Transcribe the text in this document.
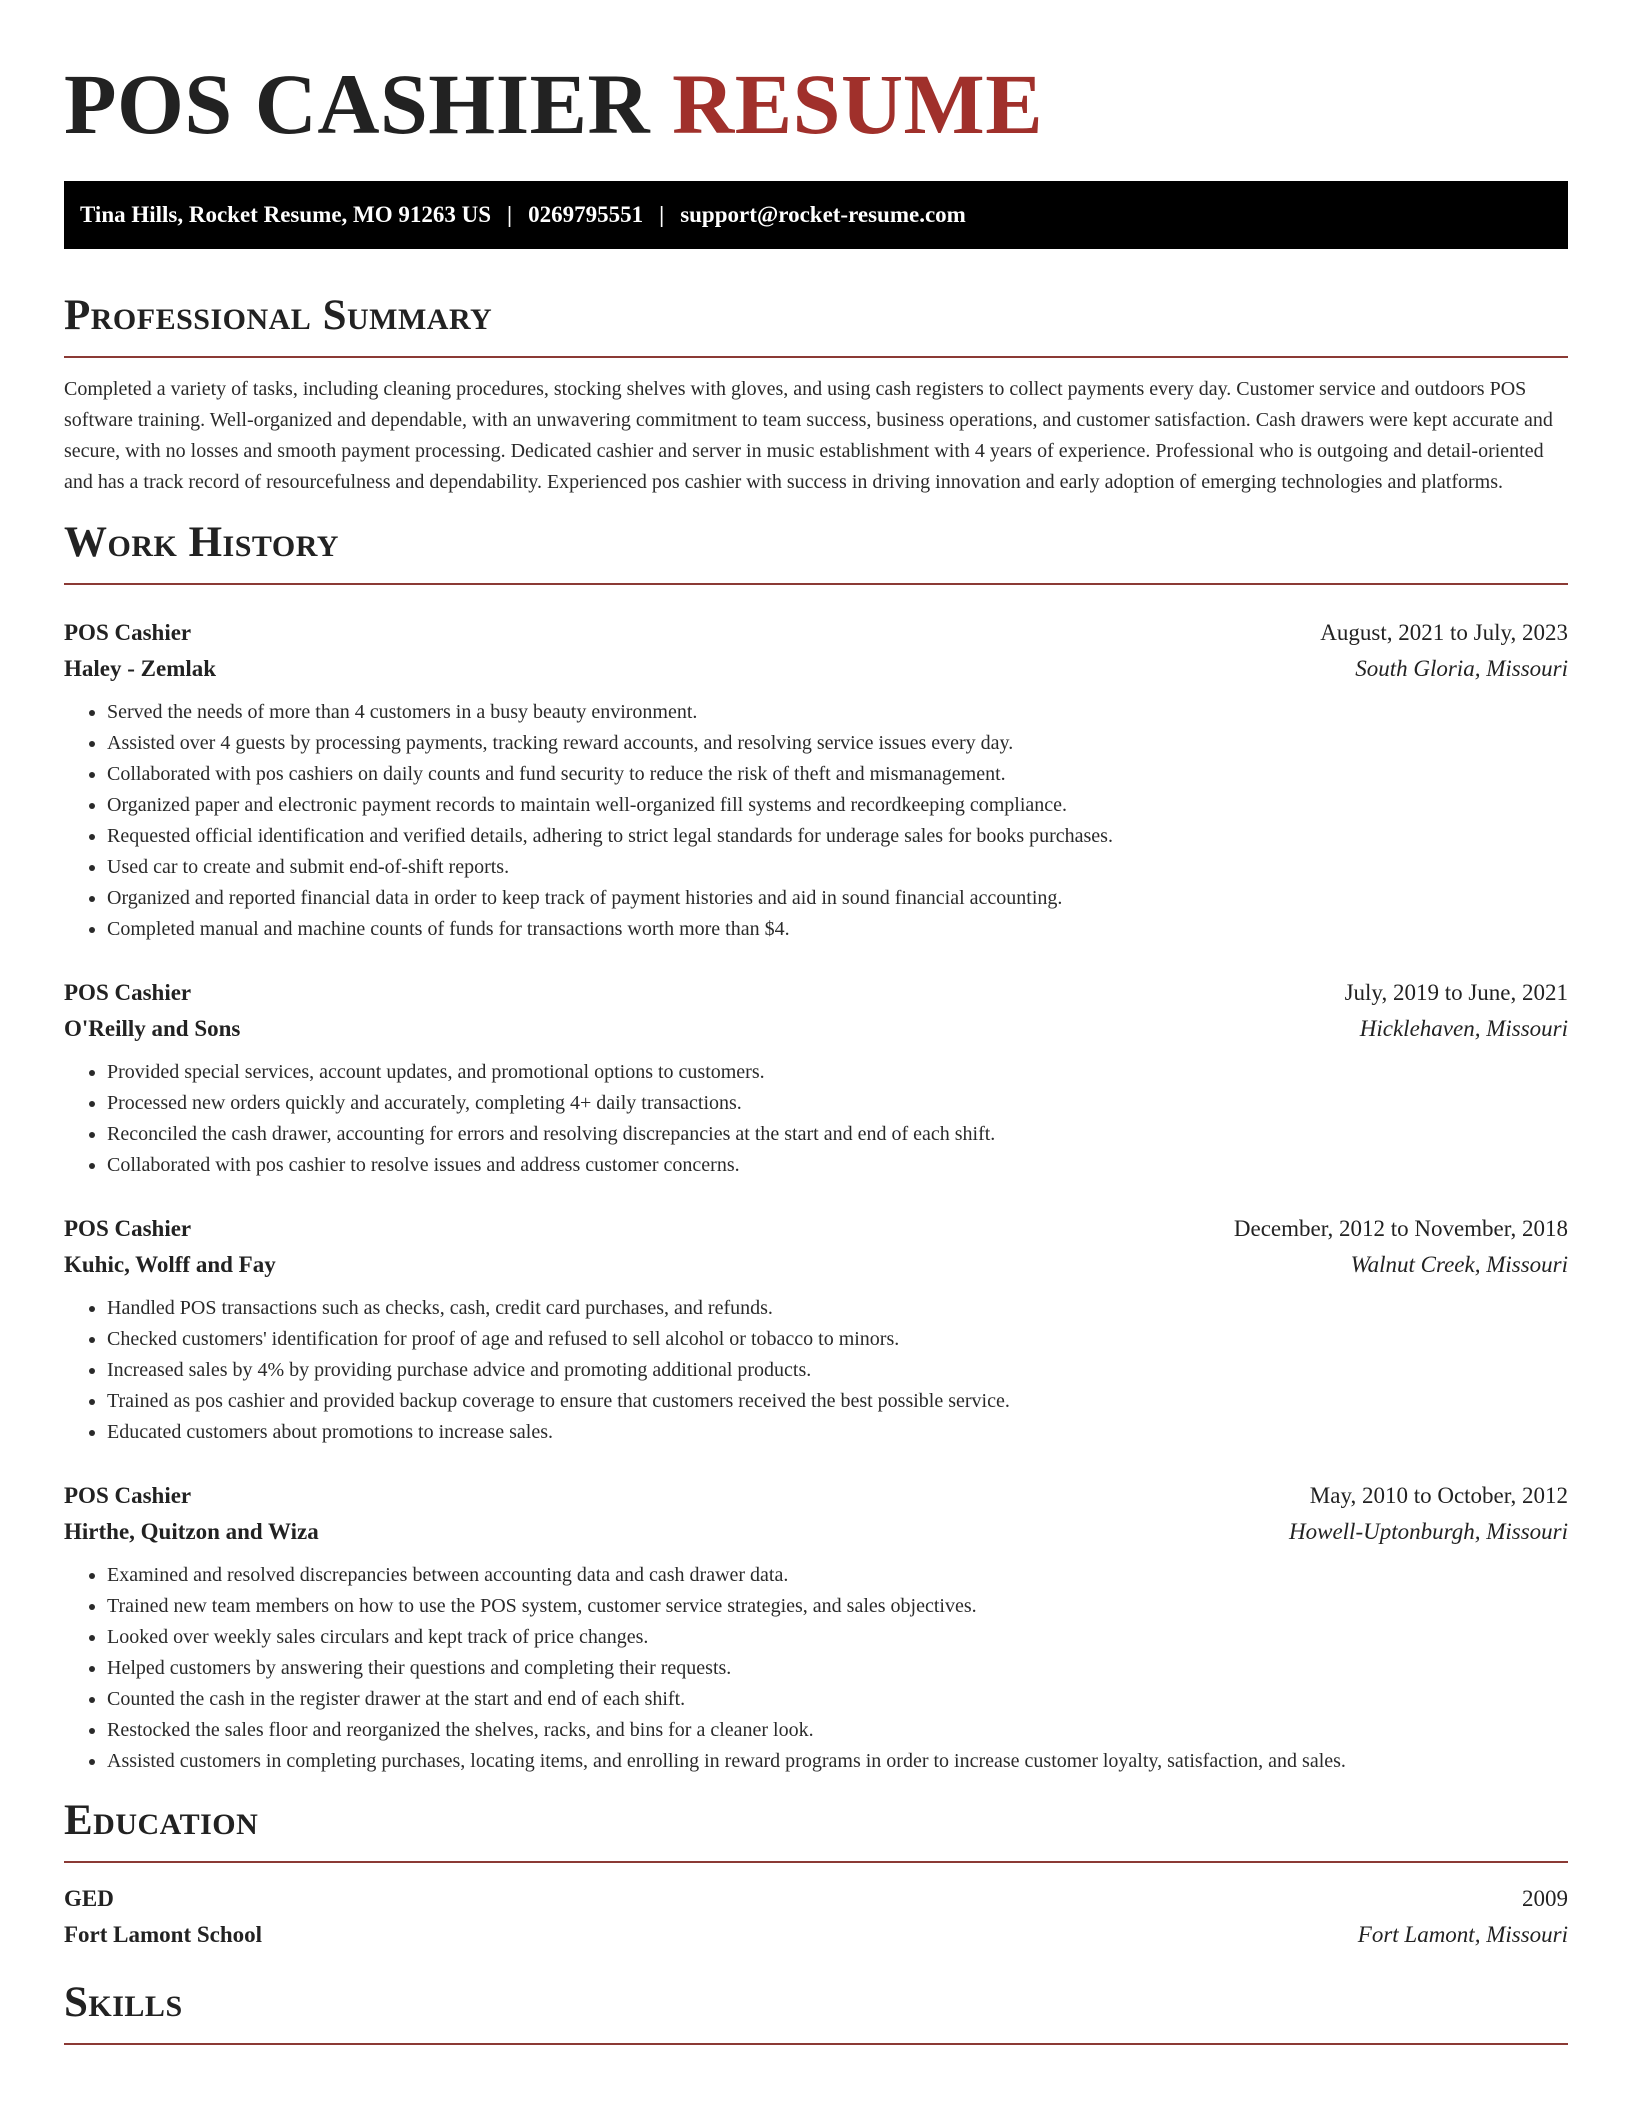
POS CASHIER RESUME
Tina Hills, Rocket Resume, MO 91263 US | 0269795551 | support@rocket-resume.com
Professional Summary

Completed a variety of tasks, including cleaning procedures, stocking shelves with gloves, and using cash registers to collect payments every day. Customer service and outdoors POS software training. Well-organized and dependable, with an unwavering commitment to team success, business operations, and customer satisfaction. Cash drawers were kept accurate and secure, with no losses and smooth payment processing. Dedicated cashier and server in music establishment with 4 years of experience. Professional who is outgoing and detail-oriented and has a track record of resourcefulness and dependability. Experienced pos cashier with success in driving innovation and early adoption of emerging technologies and platforms.

Work History
POS Cashier	August, 2021 to July, 2023
Haley - Zemlak	South Gloria, Missouri
• Served the needs of more than 4 customers in a busy beauty environment.
• Assisted over 4 guests by processing payments, tracking reward accounts, and resolving service issues every day.
• Collaborated with pos cashiers on daily counts and fund security to reduce the risk of theft and mismanagement.
• Organized paper and electronic payment records to maintain well-organized fill systems and recordkeeping compliance.
• Requested official identification and verified details, adhering to strict legal standards for underage sales for books purchases.
• Used car to create and submit end-of-shift reports.
• Organized and reported financial data in order to keep track of payment histories and aid in sound financial accounting.
• Completed manual and machine counts of funds for transactions worth more than $4.
POS Cashier	July, 2019 to June, 2021
O'Reilly and Sons	Hicklehaven, Missouri
• Provided special services, account updates, and promotional options to customers.
• Processed new orders quickly and accurately, completing 4+ daily transactions.
• Reconciled the cash drawer, accounting for errors and resolving discrepancies at the start and end of each shift.
• Collaborated with pos cashier to resolve issues and address customer concerns.
POS Cashier	December, 2012 to November, 2018
Kuhic, Wolff and Fay	Walnut Creek, Missouri
• Handled POS transactions such as checks, cash, credit card purchases, and refunds.
• Checked customers' identification for proof of age and refused to sell alcohol or tobacco to minors.
• Increased sales by 4% by providing purchase advice and promoting additional products.
• Trained as pos cashier and provided backup coverage to ensure that customers received the best possible service.
• Educated customers about promotions to increase sales.
POS Cashier	May, 2010 to October, 2012
Hirthe, Quitzon and Wiza	Howell-Uptonburgh, Missouri
• Examined and resolved discrepancies between accounting data and cash drawer data.
• Trained new team members on how to use the POS system, customer service strategies, and sales objectives.
• Looked over weekly sales circulars and kept track of price changes.
• Helped customers by answering their questions and completing their requests.
• Counted the cash in the register drawer at the start and end of each shift.
• Restocked the sales floor and reorganized the shelves, racks, and bins for a cleaner look.
• Assisted customers in completing purchases, locating items, and enrolling in reward programs in order to increase customer loyalty, satisfaction, and sales.
Education
GED	2009
Fort Lamont School	Fort Lamont, Missouri
Skills
